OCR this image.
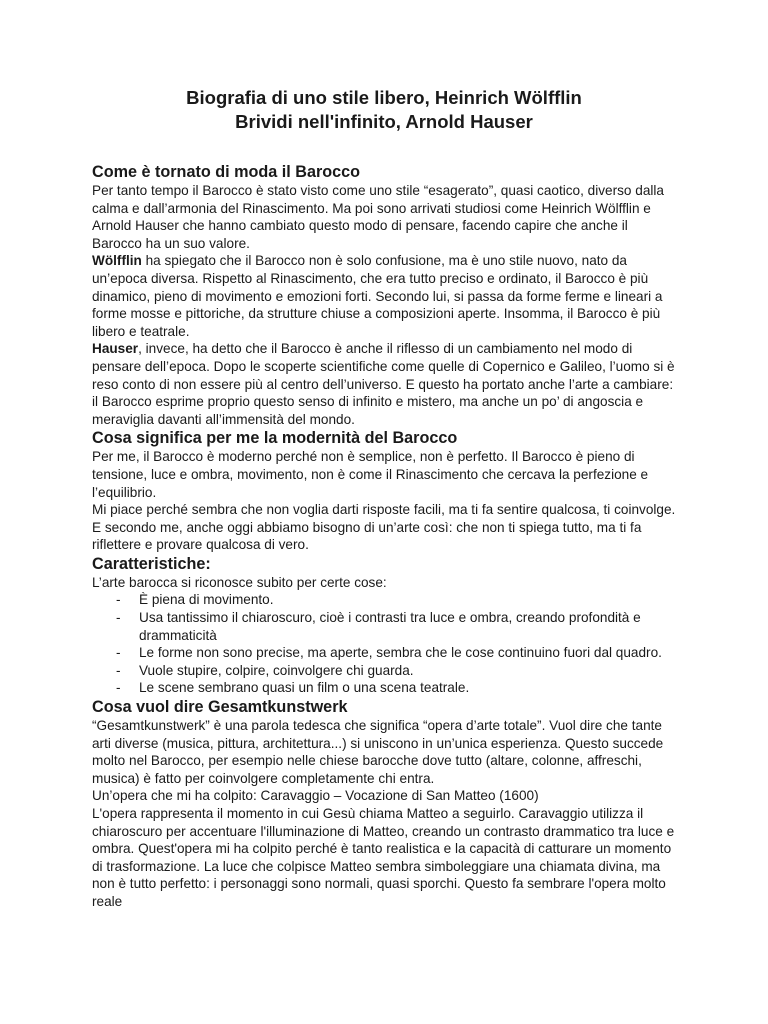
Biografia di uno stile libero, Heinrich Wölfflin

Brividi nell'infinito, Arnold Hauser

Come è tornato di moda il Barocco

Per tanto tempo il Barocco è stato visto come uno stile “esagerato”, quasi caotico, diverso dalla calma e dall’armonia del Rinascimento. Ma poi sono arrivati studiosi come Heinrich Wölfflin e Arnold Hauser che hanno cambiato questo modo di pensare, facendo capire che anche il Barocco ha un suo valore.

Wölfflin ha spiegato che il Barocco non è solo confusione, ma è uno stile nuovo, nato da un’epoca diversa. Rispetto al Rinascimento, che era tutto preciso e ordinato, il Barocco è più dinamico, pieno di movimento e emozioni forti. Secondo lui, si passa da forme ferme e lineari a forme mosse e pittoriche, da strutture chiuse a composizioni aperte. Insomma, il Barocco è più libero e teatrale.

Hauser, invece, ha detto che il Barocco è anche il riflesso di un cambiamento nel modo di pensare dell’epoca. Dopo le scoperte scientifiche come quelle di Copernico e Galileo, l’uomo si è reso conto di non essere più al centro dell’universo. E questo ha portato anche l’arte a cambiare: il Barocco esprime proprio questo senso di infinito e mistero, ma anche un po’ di angoscia e meraviglia davanti all’immensità del mondo.

Cosa significa per me la modernità del Barocco

Per me, il Barocco è moderno perché non è semplice, non è perfetto. Il Barocco è pieno di tensione, luce e ombra, movimento, non è come il Rinascimento che cercava la perfezione e l’equilibrio.

Mi piace perché sembra che non voglia darti risposte facili, ma ti fa sentire qualcosa, ti coinvolge. E secondo me, anche oggi abbiamo bisogno di un’arte così: che non ti spiega tutto, ma ti fa riflettere e provare qualcosa di vero.

Caratteristiche:

L’arte barocca si riconosce subito per certe cose:

- È piena di movimento.
- Usa tantissimo il chiaroscuro, cioè i contrasti tra luce e ombra, creando profondità e drammaticità
- Le forme non sono precise, ma aperte, sembra che le cose continuino fuori dal quadro.
- Vuole stupire, colpire, coinvolgere chi guarda.
- Le scene sembrano quasi un film o una scena teatrale.
Cosa vuol dire Gesamtkunstwerk

“Gesamtkunstwerk” è una parola tedesca che significa “opera d’arte totale”. Vuol dire che tante arti diverse (musica, pittura, architettura...) si uniscono in un’unica esperienza. Questo succede molto nel Barocco, per esempio nelle chiese barocche dove tutto (altare, colonne, affreschi, musica) è fatto per coinvolgere completamente chi entra.

Un’opera che mi ha colpito: Caravaggio – Vocazione di San Matteo (1600)

L'opera rappresenta il momento in cui Gesù chiama Matteo a seguirlo. Caravaggio utilizza il chiaroscuro per accentuare l'illuminazione di Matteo, creando un contrasto drammatico tra luce e ombra. Quest'opera mi ha colpito perché è tanto realistica e la capacità di catturare un momento di trasformazione. La luce che colpisce Matteo sembra simboleggiare una chiamata divina, ma non è tutto perfetto: i personaggi sono normali, quasi sporchi. Questo fa sembrare l'opera molto reale
